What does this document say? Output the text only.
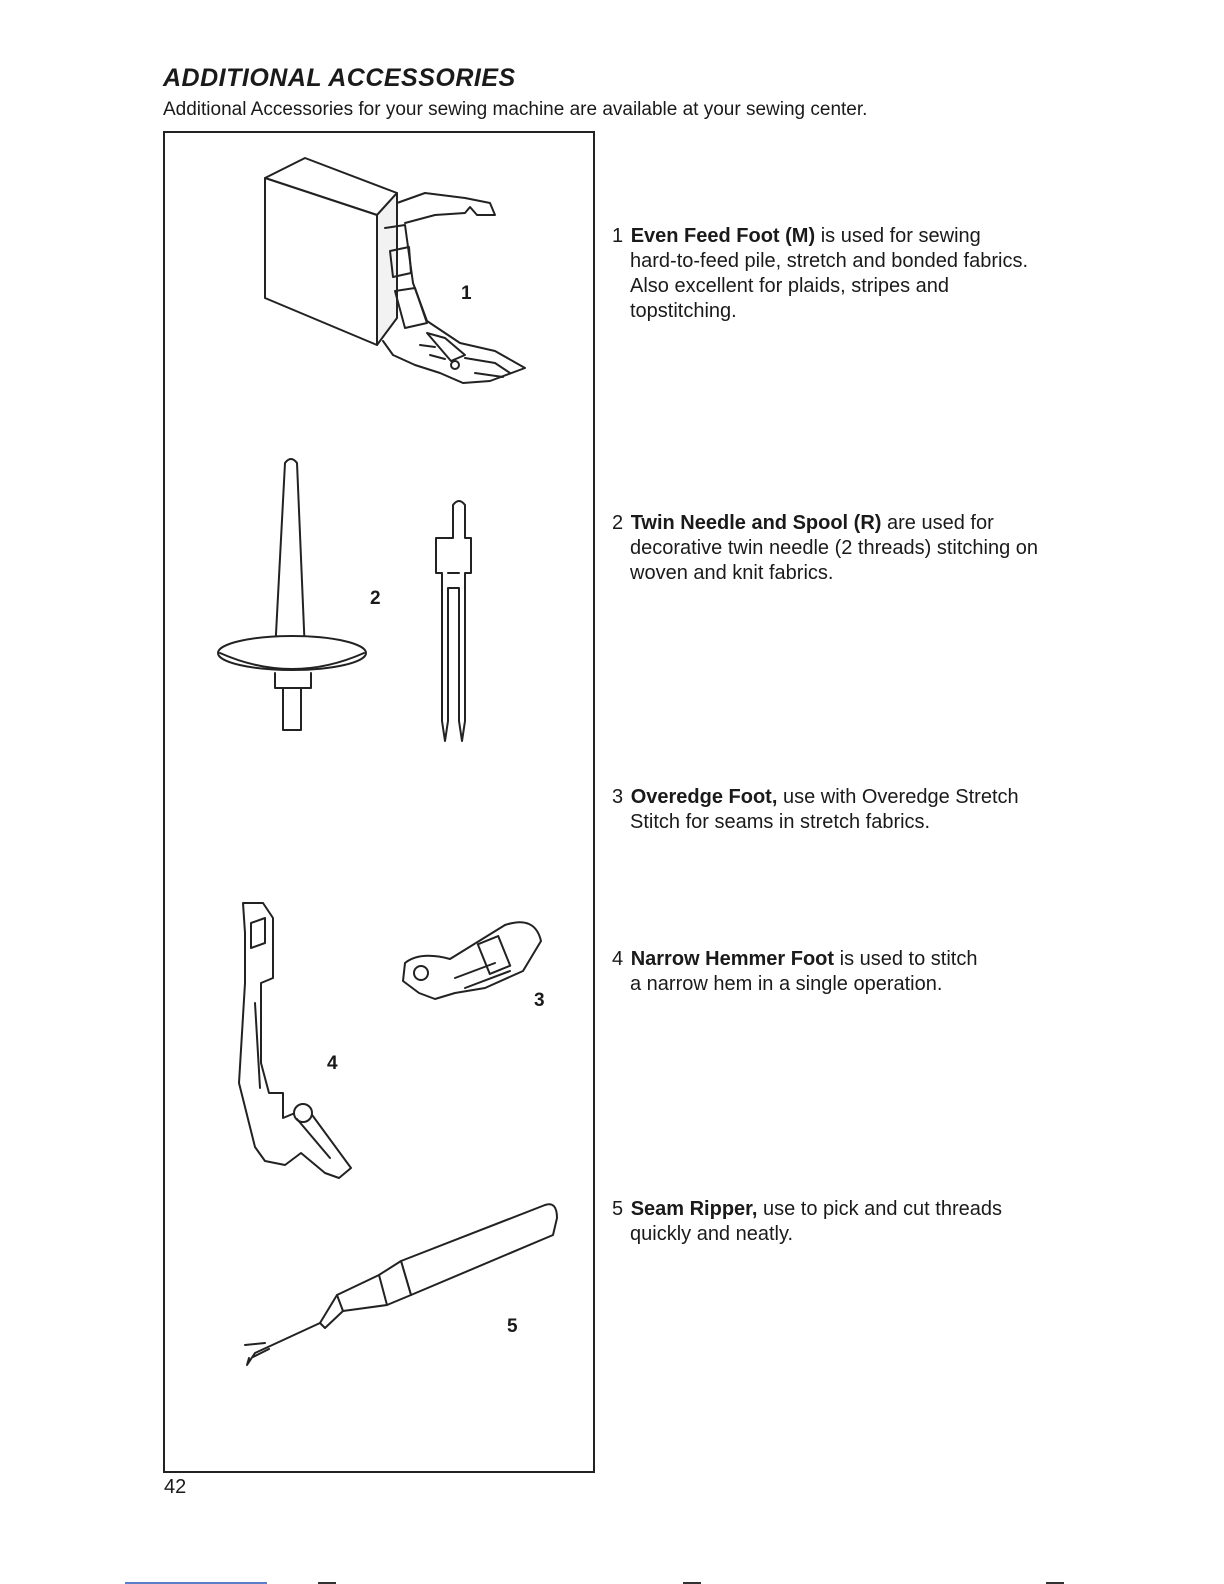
ADDITIONAL ACCESSORIES
Additional Accessories for your sewing machine are available at your sewing center.
1
2
3
4
5
1 Even Feed Foot (M) is used for sewing
hard-to-feed pile, stretch and bonded fabrics. Also excellent for plaids, stripes and topstitching.
2 Twin Needle and Spool (R) are used for
decorative twin needle (2 threads) stitching on woven and knit fabrics.
3 Overedge Foot, use with Overedge Stretch
Stitch for seams in stretch fabrics.
4 Narrow Hemmer Foot is used to stitch
a narrow hem in a single operation.
5 Seam Ripper, use to pick and cut threads
quickly and neatly.
42
